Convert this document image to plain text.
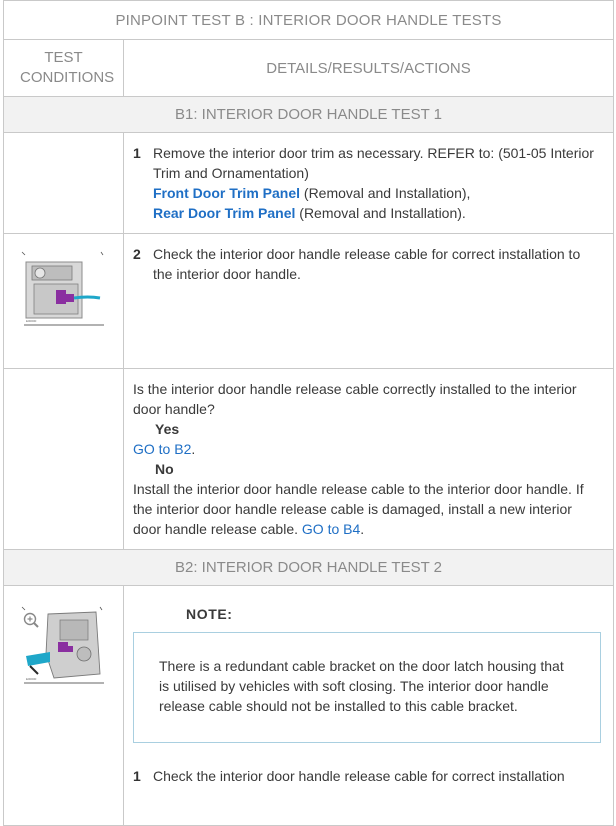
PINPOINT TEST B : INTERIOR DOOR HANDLE TESTS	
TEST CONDITIONS	DETAILS/RESULTS/ACTIONS
B1: INTERIOR DOOR HANDLE TEST 1	

	1 Remove the interior door trim as necessary. REFER to: (501-05 Interior Trim and Ornamentation)
Front Door Trim Panel (Removal and Installation),
Rear Door Trim Panel (Removal and Installation).

E00000	2 Check the interior door handle release cable for correct installation to the interior door handle.

	Is the interior door handle release cable correctly installed to the interior door handle?
Yes
GO to B2.
No
Install the interior door handle release cable to the interior door handle. If the interior door handle release cable is damaged, install a new interior door handle release cable. GO to B4.

B2: INTERIOR DOOR HANDLE TEST 2	

E00000	NOTE:
There is a redundant cable bracket on the door latch housing that is utilised by vehicles with soft closing. The interior door handle release cable should not be installed to this cable bracket.
1 Check the interior door handle release cable for correct installation
